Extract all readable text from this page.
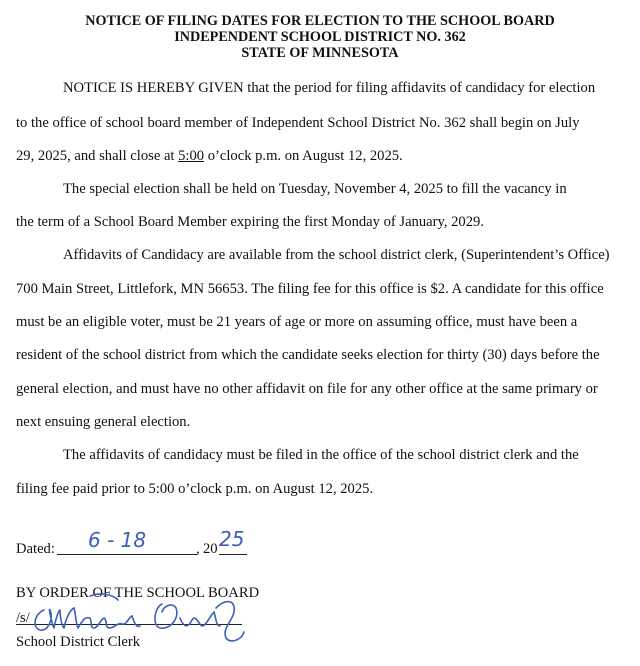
NOTICE OF FILING DATES FOR ELECTION TO THE SCHOOL BOARD
INDEPENDENT SCHOOL DISTRICT NO. 362
STATE OF MINNESOTA
NOTICE IS HEREBY GIVEN that the period for filing affidavits of candidacy for election
to the office of school board member of Independent School District No. 362 shall begin on July
29, 2025, and shall close at 5:00 o’clock p.m. on August 12, 2025.
The special election shall be held on Tuesday, November 4, 2025 to fill the vacancy in
the term of a School Board Member expiring the first Monday of January, 2029.
Affidavits of Candidacy are available from the school district clerk, (Superintendent’s Office)
700 Main Street, Littlefork, MN 56653. The filing fee for this office is $2. A candidate for this office
must be an eligible voter, must be 21 years of age or more on assuming office, must have been a
resident of the school district from which the candidate seeks election for thirty (30) days before the
general election, and must have no other affidavit on file for any other office at the same primary or
next ensuing general election.
The affidavits of candidacy must be filed in the office of the school district clerk and the
filing fee paid prior to 5:00 o’clock p.m. on August 12, 2025.
Dated: 6 - 18	, 20 25
BY ORDER OF THE SCHOOL BOARD
/s/
School District Clerk
